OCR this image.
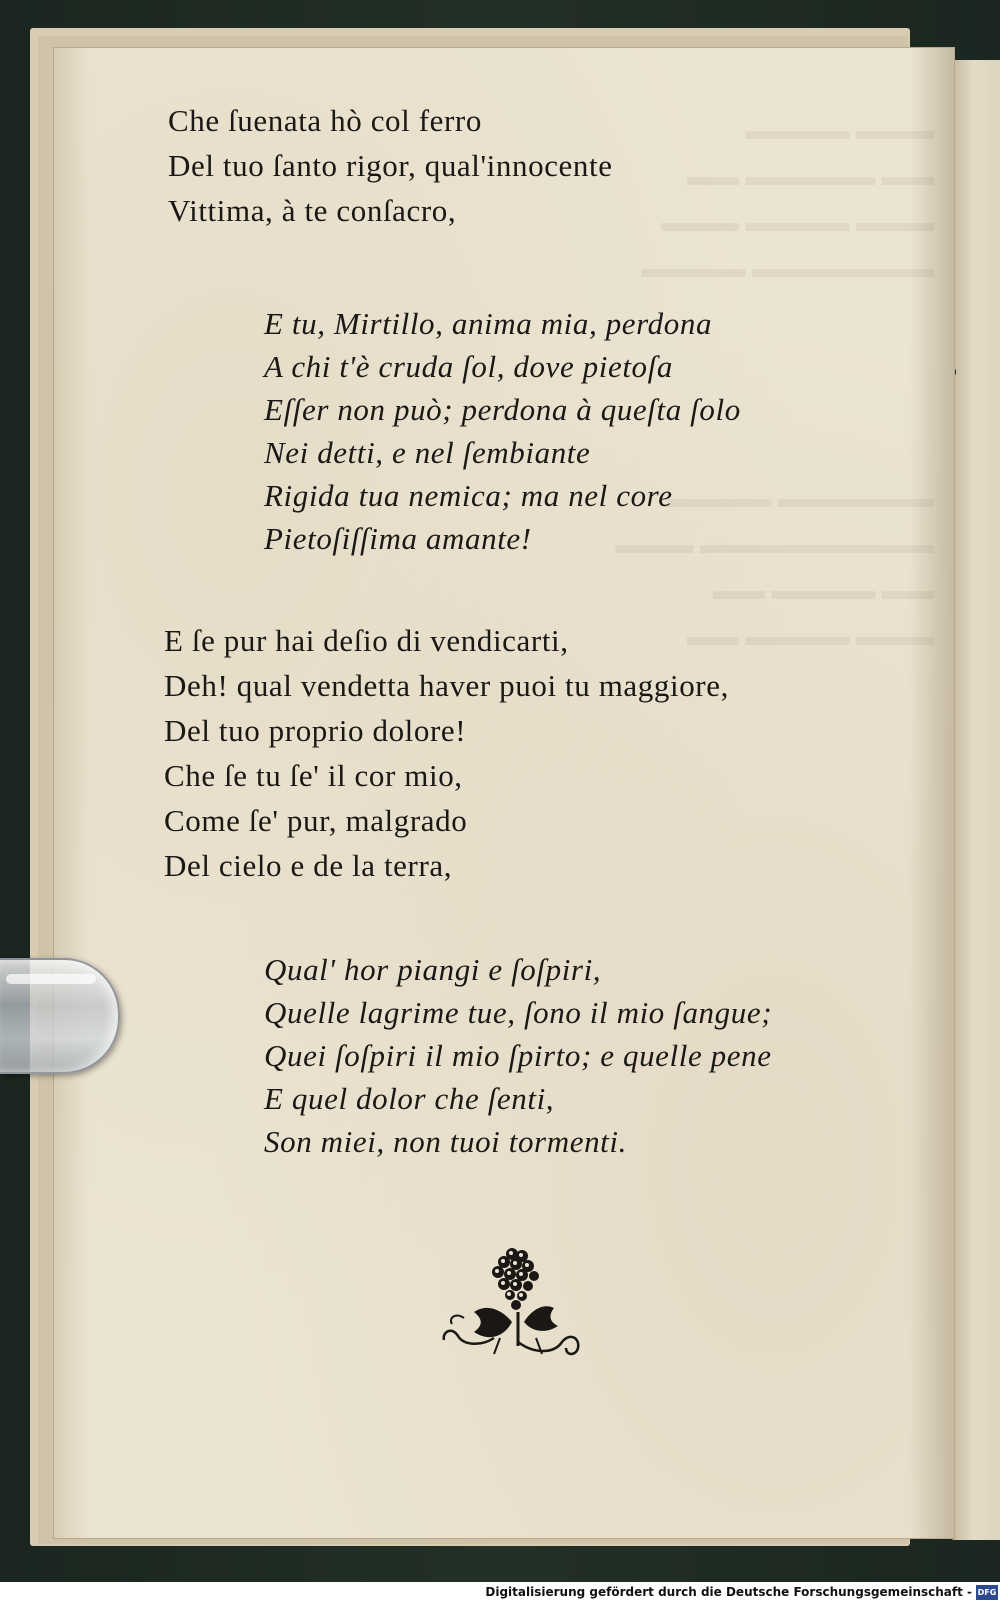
▬▬▬ ▬▬▬▬
▬▬ ▬▬▬▬▬ ▬▬
▬▬▬ ▬▬▬▬ ▬▬▬
▬▬▬▬▬▬▬ ▬▬▬▬

▬▬▬▬▬▬ ▬▬▬▬
▬▬▬▬▬▬▬▬▬ ▬▬▬
▬▬ ▬▬▬▬ ▬▬
▬▬▬ ▬▬▬▬ ▬▬
Che ſuenata hò col ferro
Del tuo ſanto rigor, qual'innocente
Vittima, à te conſacro,
E tu, Mirtillo, anima mia, perdona
A chi t'è cruda ſol, dove pietoſa
Eſſer non può; perdona à queſta ſolo
Nei detti, e nel ſembiante
Rigida tua nemica; ma nel core
Pietoſiſſima amante!
E ſe pur hai deſio di vendicarti,
Deh! qual vendetta haver puoi tu maggiore,
Del tuo proprio dolore!
Che ſe tu ſe' il cor mio,
Come ſe' pur, malgrado
Del cielo e de la terra,
Qual' hor piangi e ſoſpiri,
Quelle lagrime tue, ſono il mio ſangue;
Quei ſoſpiri il mio ſpirto; e quelle pene
E quel dolor che ſenti,
Son miei, non tuoi tormenti.
Digitalisierung gefördert durch die Deutsche Forschungsgemeinschaft - DFG
